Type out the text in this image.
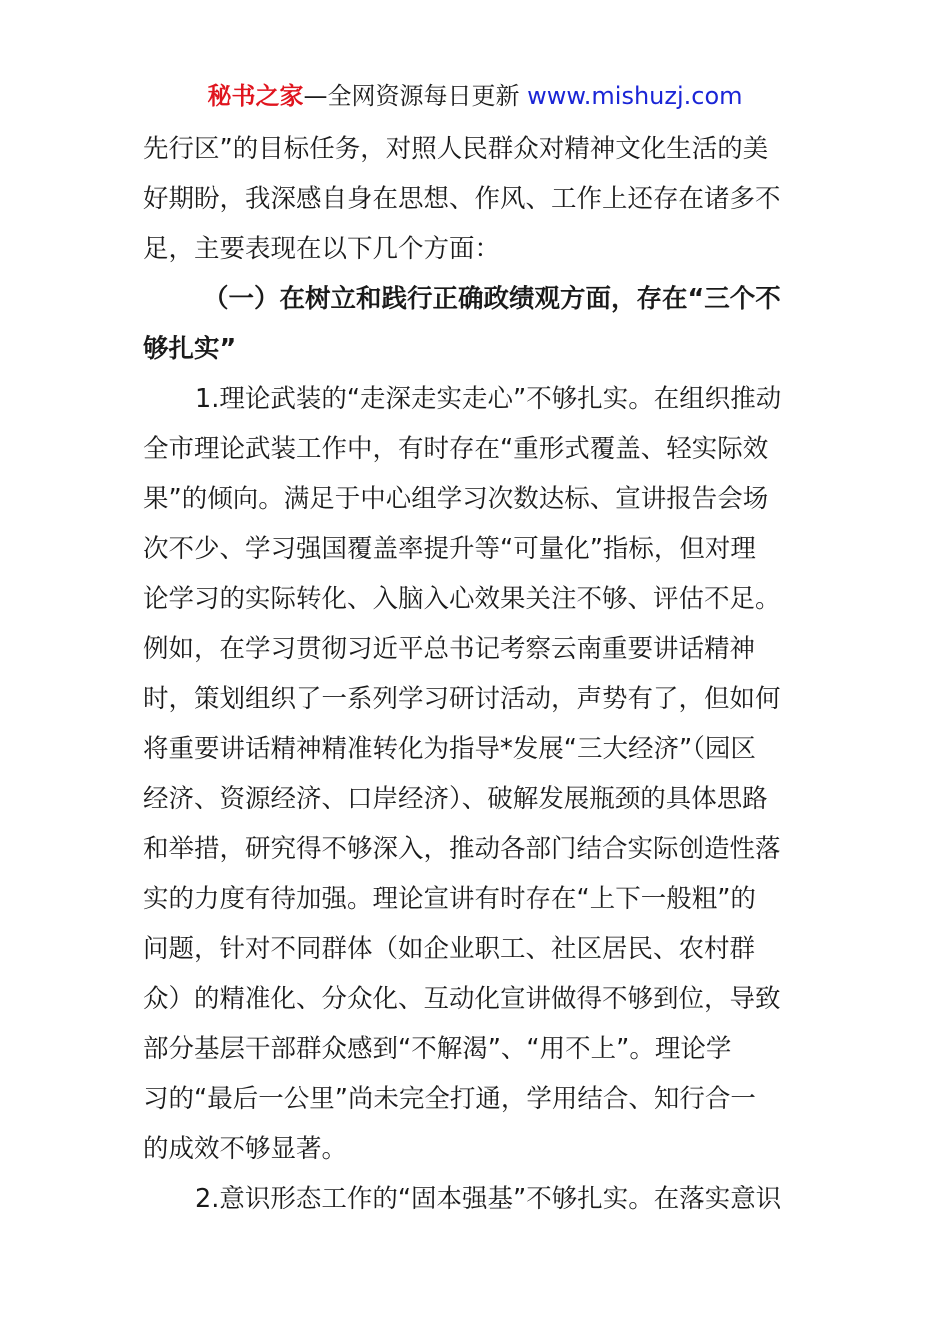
秘书之家—全网资源每日更新 www.mishuzj.com
先行区”的目标任务，对照人民群众对精神文化生活的美
好期盼，我深感自身在思想、作风、工作上还存在诸多不
足，主要表现在以下几个方面：
（一）在树立和践行正确政绩观方面，存在“三个不
够扎实”
1.理论武装的“走深走实走心”不够扎实。在组织推动
全市理论武装工作中，有时存在“重形式覆盖、轻实际效
果”的倾向。满足于中心组学习次数达标、宣讲报告会场
次不少、学习强国覆盖率提升等“可量化”指标，但对理
论学习的实际转化、入脑入心效果关注不够、评估不足。
例如，在学习贯彻习近平总书记考察云南重要讲话精神
时，策划组织了一系列学习研讨活动，声势有了，但如何
将重要讲话精神精准转化为指导*发展“三大经济”（园区
经济、资源经济、口岸经济）、破解发展瓶颈的具体思路
和举措，研究得不够深入，推动各部门结合实际创造性落
实的力度有待加强。理论宣讲有时存在“上下一般粗”的
问题，针对不同群体（如企业职工、社区居民、农村群
众）的精准化、分众化、互动化宣讲做得不够到位，导致
部分基层干部群众感到“不解渴”、“用不上”。理论学
习的“最后一公里”尚未完全打通，学用结合、知行合一
的成效不够显著。
2.意识形态工作的“固本强基”不够扎实。在落实意识
